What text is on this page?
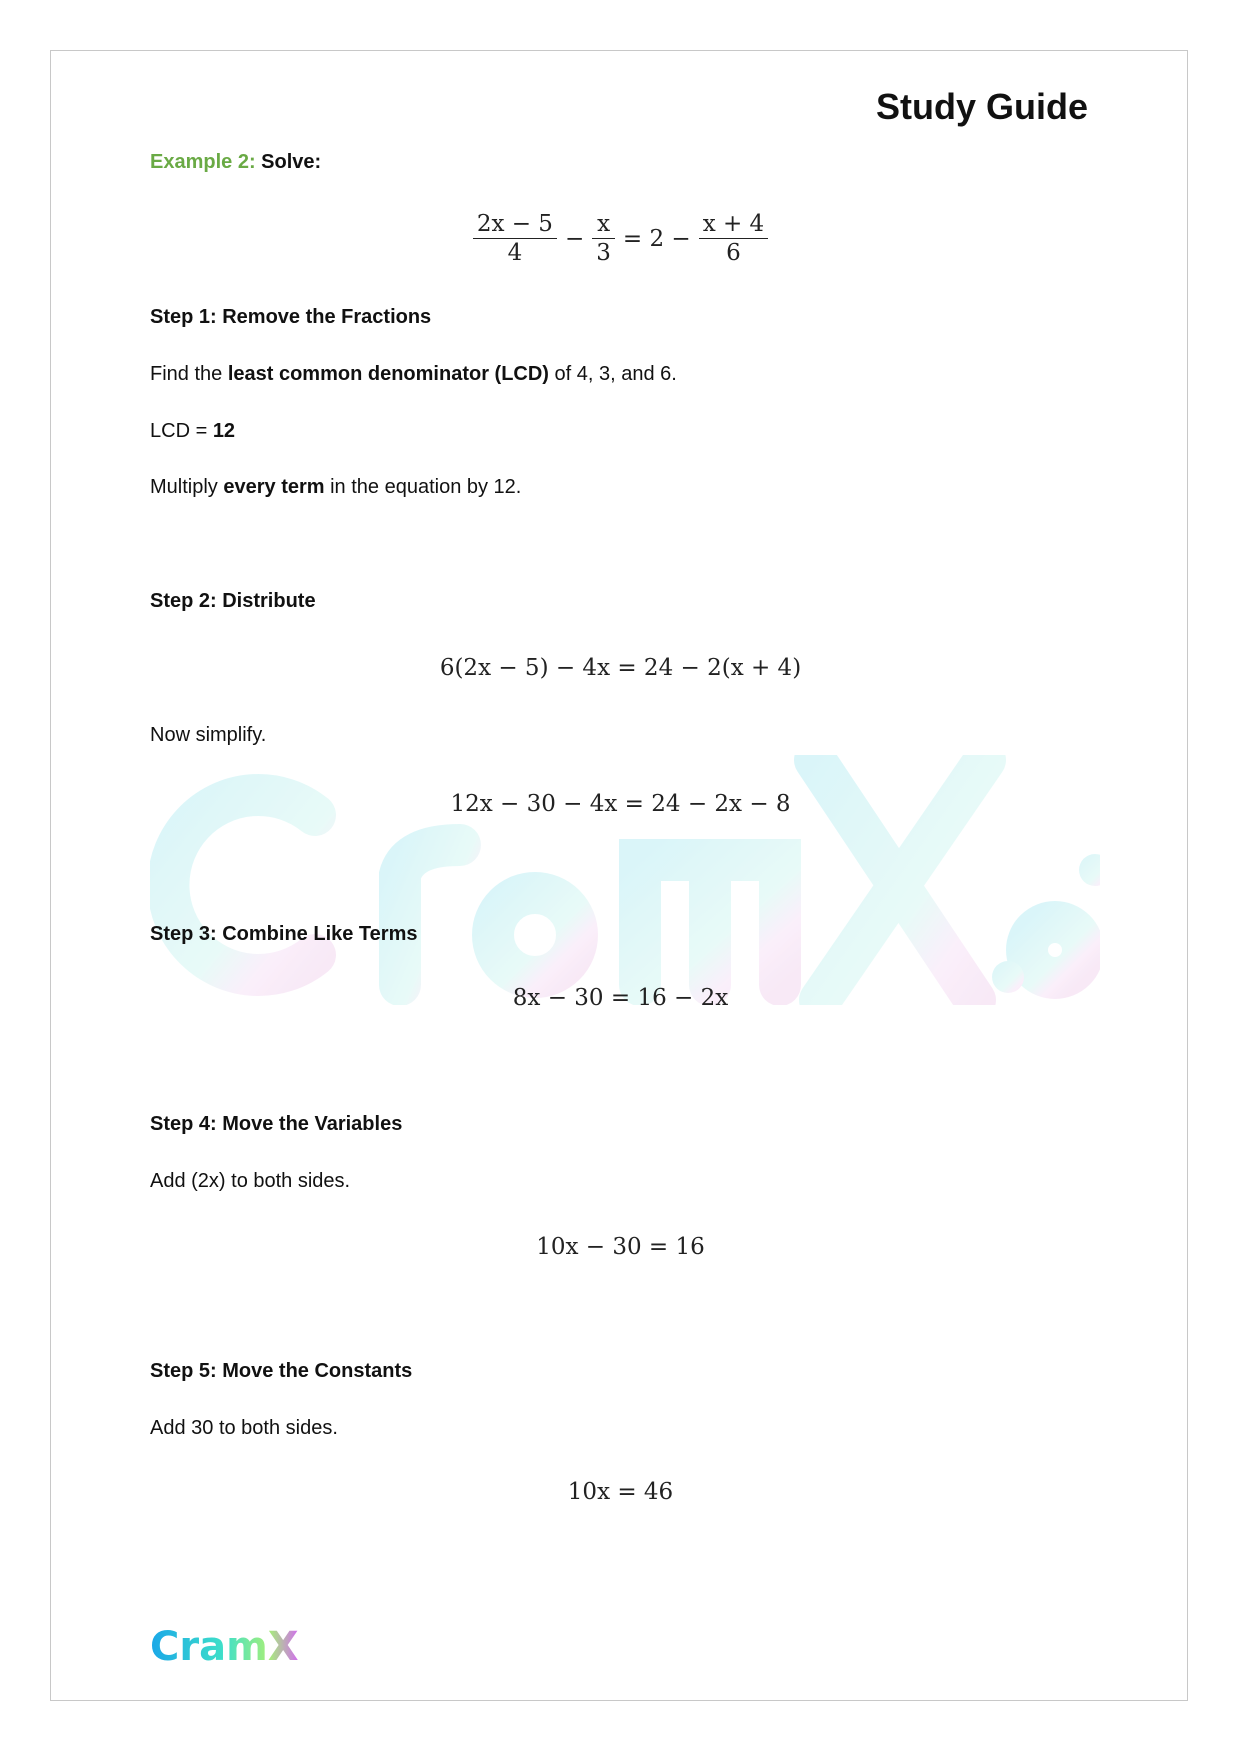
Study Guide
Example 2: Solve:
$\frac{2x - 5}{4} - \frac{x}{3} = 2 - \frac{x + 4}{6}$
Step 1: Remove the Fractions
Find the least common denominator (LCD) of 4, 3, and 6.
LCD = 12
Multiply every term in the equation by 12.
Step 2: Distribute
6(2x − 5) − 4x = 24 − 2(x + 4)
Now simplify.
12x − 30 − 4x = 24 − 2x − 8
Step 3: Combine Like Terms
8x − 30 = 16 − 2x
Step 4: Move the Variables
Add (2x) to both sides.
10x − 30 = 16
Step 5: Move the Constants
Add 30 to both sides.
10x = 46
CramX
